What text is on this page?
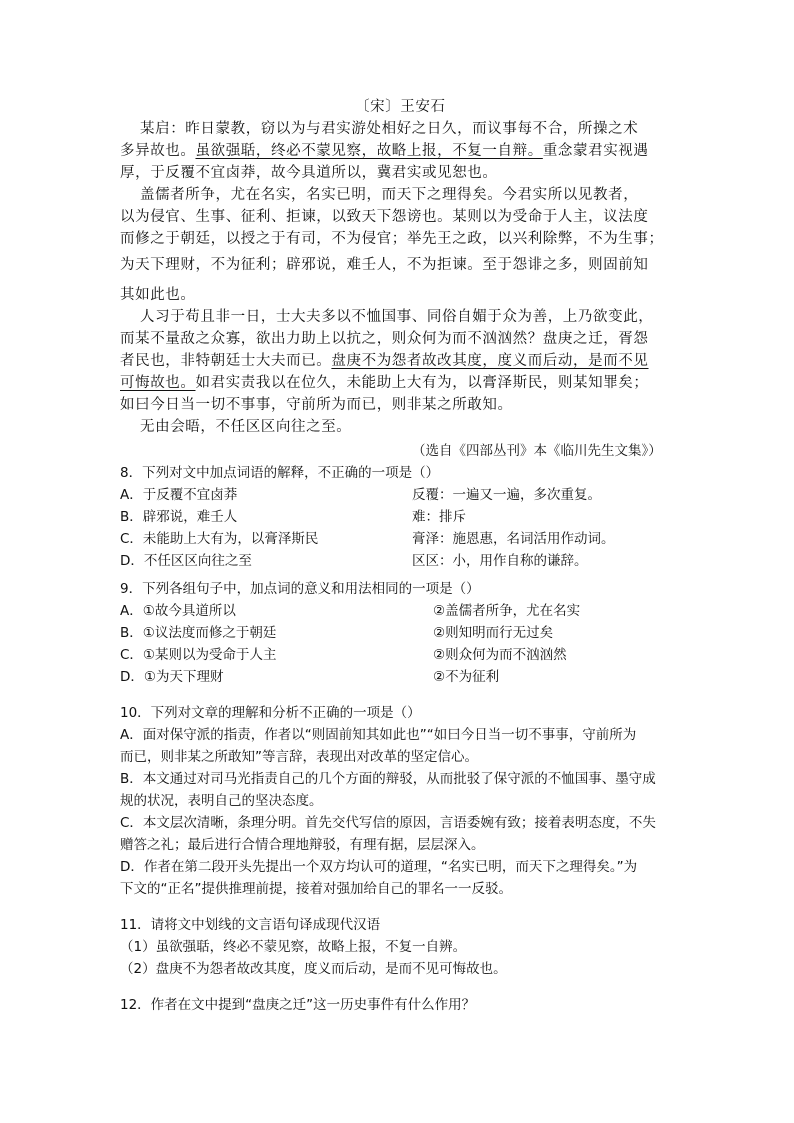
〔宋〕王安石
某启：昨日蒙教，窃以为与君实游处相好之日久，而议事每不合，所操之术
多异故也。虽欲强聒，终必不蒙见察，故略上报，不复一自辩。重念蒙君实视遇
厚，于反覆不宜卤莽，故今具道所以，冀君实或见恕也。
盖儒者所争，尤在名实，名实已明，而天下之理得矣。今君实所以见教者，
以为侵官、生事、征利、拒谏，以致天下怨谤也。某则以为受命于人主，议法度
而修之于朝廷，以授之于有司，不为侵官；举先王之政，以兴利除弊，不为生事；
为天下理财，不为征利；辟邪说，难壬人，不为拒谏。至于怨诽之多，则固前知
其如此也。
人习于苟且非一日，士大夫多以不恤国事、同俗自媚于众为善，上乃欲变此，
而某不量敌之众寡，欲出力助上以抗之，则众何为而不汹汹然？盘庚之迁，胥怨
者民也，非特朝廷士大夫而已。盘庚不为怨者故改其度，度义而后动，是而不见
可悔故也。如君实责我以在位久，未能助上大有为，以膏泽斯民，则某知罪矣；
如曰今日当一切不事事，守前所为而已，则非某之所敢知。
无由会晤，不任区区向往之至。
（选自《四部丛刊》本《临川先生文集》）
8．下列对文中加点词语的解释，不正确的一项是（）
A．于反覆不宜卤莽	反覆：一遍又一遍，多次重复。
B．辟邪说，难壬人	难：排斥
C．未能助上大有为，以膏泽斯民	膏泽：施恩惠，名词活用作动词。
D．不任区区向往之至	区区：小，用作自称的谦辞。
9．下列各组句子中，加点词的意义和用法相同的一项是（）
A．①故今具道所以	②盖儒者所争，尤在名实
B．①议法度而修之于朝廷	②则知明而行无过矣
C．①某则以为受命于人主	②则众何为而不汹汹然
D．①为天下理财	②不为征利
10．下列对文章的理解和分析不正确的一项是（）
A．面对保守派的指责，作者以“则固前知其如此也”“如曰今日当一切不事事，守前所为
而已，则非某之所敢知”等言辞，表现出对改革的坚定信心。
B．本文通过对司马光指责自己的几个方面的辩驳，从而批驳了保守派的不恤国事、墨守成
规的状况，表明自己的坚决态度。
C．本文层次清晰，条理分明。首先交代写信的原因，言语委婉有致；接着表明态度，不失
赠答之礼；最后进行合情合理地辩驳，有理有据，层层深入。
D．作者在第二段开头先提出一个双方均认可的道理，“名实已明，而天下之理得矣。”为
下文的“正名”提供推理前提，接着对强加给自己的罪名一一反驳。
11．请将文中划线的文言语句译成现代汉语
（1）虽欲强聒，终必不蒙见察，故略上报，不复一自辨。
（2）盘庚不为怨者故改其度，度义而后动，是而不见可悔故也。
12．作者在文中提到“盘庚之迁”这一历史事件有什么作用？
